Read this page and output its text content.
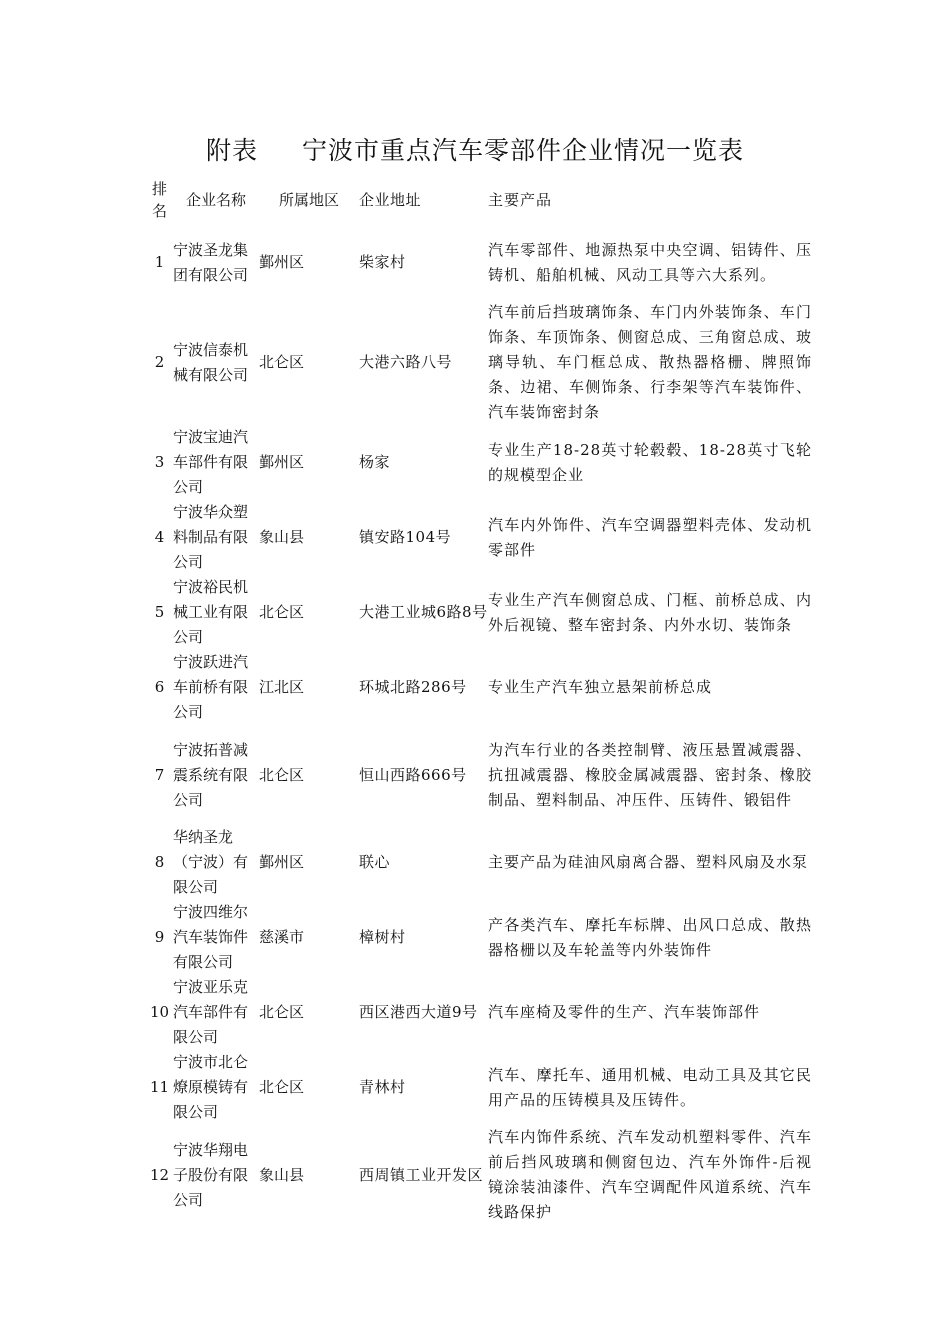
附表 宁波市重点汽车零部件企业情况一览表
排名	企业名称	所属地区	企业地址	主要产品
1	宁波圣龙集团有限公司	鄞州区	柴家村	汽车零部件、地源热泵中央空调、铝铸件、压铸机、船舶机械、风动工具等六大系列。
2	宁波信泰机械有限公司	北仑区	大港六路八号	汽车前后挡玻璃饰条、车门内外装饰条、车门饰条、车顶饰条、侧窗总成、三角窗总成、玻璃导轨、车门框总成、散热器格栅、牌照饰条、边裙、车侧饰条、行李架等汽车装饰件、汽车装饰密封条
3	宁波宝迪汽车部件有限公司	鄞州区	杨家	专业生产18-28英寸轮毂毂、18-28英寸飞轮的规模型企业
4	宁波华众塑料制品有限公司	象山县	镇安路104号	汽车内外饰件、汽车空调器塑料壳体、发动机零部件
5	宁波裕民机械工业有限公司	北仑区	大港工业城6路8号	专业生产汽车侧窗总成、门框、前桥总成、内外后视镜、整车密封条、内外水切、装饰条
6	宁波跃进汽车前桥有限公司	江北区	环城北路286号	专业生产汽车独立悬架前桥总成
7	宁波拓普减震系统有限公司	北仑区	恒山西路666号	为汽车行业的各类控制臂、液压悬置减震器、抗扭减震器、橡胶金属减震器、密封条、橡胶制品、塑料制品、冲压件、压铸件、锻铝件
8	华纳圣龙（宁波）有限公司	鄞州区	联心	主要产品为硅油风扇离合器、塑料风扇及水泵
9	宁波四维尔汽车装饰件有限公司	慈溪市	樟树村	产各类汽车、摩托车标牌、出风口总成、散热器格栅以及车轮盖等内外装饰件
10	宁波亚乐克汽车部件有限公司	北仑区	西区港西大道9号	汽车座椅及零件的生产、汽车装饰部件
11	宁波市北仑燎原模铸有限公司	北仑区	青林村	汽车、摩托车、通用机械、电动工具及其它民用产品的压铸模具及压铸件。
12	宁波华翔电子股份有限公司	象山县	西周镇工业开发区	汽车内饰件系统、汽车发动机塑料零件、汽车前后挡风玻璃和侧窗包边、汽车外饰件-后视镜涂装油漆件、汽车空调配件风道系统、汽车线路保护
